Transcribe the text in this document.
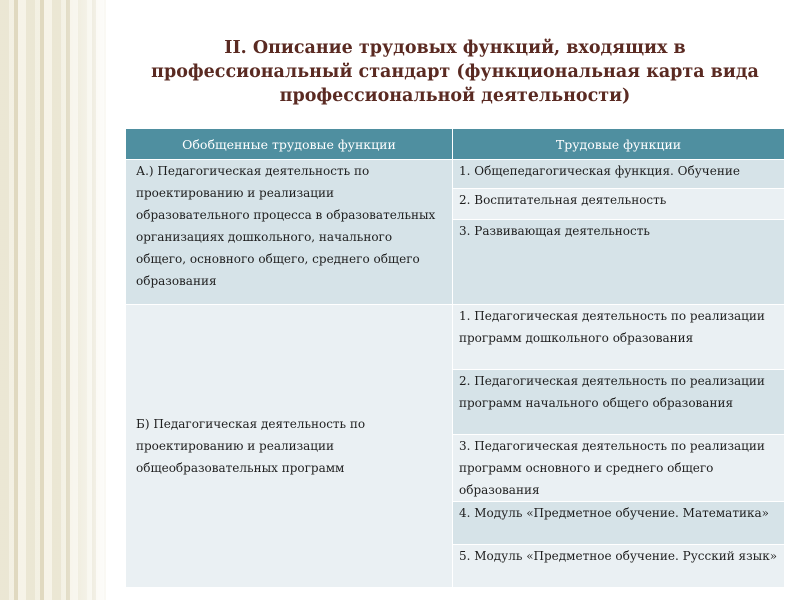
II. Описание трудовых функций, входящих в
профессиональный стандарт (функциональная карта вида
профессиональной деятельности)
Обобщенные трудовые функции	Трудовые функции
А.) Педагогическая деятельность по проектированию и реализации образовательного процесса в образовательных организациях дошкольного, начального общего, основного общего, среднего общего образования	1. Общепедагогическая функция. Обучение
	2. Воспитательная деятельность
	3. Развивающая деятельность
Б) Педагогическая деятельность по проектированию и реализации общеобразовательных программ	1. Педагогическая деятельность по реализации программ дошкольного образования
	2. Педагогическая деятельность по реализации программ начального общего образования
	3. Педагогическая деятельность по реализации программ основного и среднего общего образования
	4. Модуль «Предметное обучение. Математика»
	5. Модуль «Предметное обучение. Русский язык»
